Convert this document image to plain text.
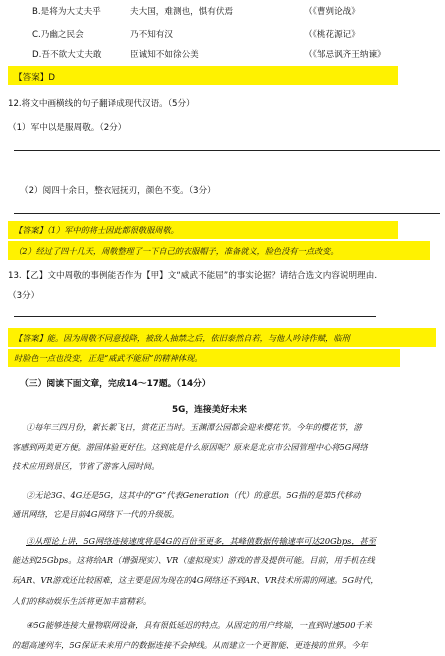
B.是将为大丈夫乎	夫大国，难测也，惧有伏焉	（《曹刿论战》
C.乃幽之民会	乃不知有汉	（《桃花源记》
D.吾不欲大丈夫敢	臣诚知不如徐公美	（《邹忌讽齐王纳谏》
【答案】D
12.将文中画横线的句子翻译成现代汉语。（5分）
（1）军中以是服周敬。（2分）
（2）阅四十余日，整衣冠抚刃，颜色不变。（3分）
【答案】（1）军中的将士因此都很敬服周敬。
（2）经过了四十几天，周敬整理了一下自己的衣服帽子，准备就义，脸色没有一点改变。
13.【乙】文中周敬的事例能否作为【甲】文“威武不能屈”的事实论据？请结合选文内容说明理由.
（3分）
【答案】能。因为周敬不同意投降，被敌人抽禁之后，依旧泰然自若，与他人吟诗作赋，临刑
时脸色一点也没变，正是“威武不能屈”的精神体现。
（三）阅读下面文章，完成14～17题。（14分）
5G，连接美好未来
①每年三四月份，絮长絮飞日，赏花正当时。玉渊潭公园都会迎来樱花节。今年的樱花节，游
客感到两美更方便。游园体验更好住。这到底是什么原因呢？原来是北京市公园管理中心将5G网络
技术应用到景区，节省了游客入园时间。
②无论3G、4G还是5G，这其中的“G”代表Generation（代）的意思。5G指的是第5代移动
通讯网络，它是目前4G网络下一代的升级版。
③从理论上讲，5G网络连接速度将是4G的百倍至更多，其峰值数据传输速率可达20Gbps，甚至
能达到25Gbps。这将给AR（增强现实）、VR（虚拟现实）游戏的普及提供可能。目前，用手机在线
玩AR、VR游戏还比较困难，这主要是因为现在的4G网络还不到AR、VR技术所需的网速。5G时代，
人们的移动娱乐生活将更加丰富精彩。
④5G能够连接大量物联网设备，具有很低延迟的特点。从固定的用户终端，一直到时速500千米
的超高速列车，5G保证未来用户的数据连接不会掉线。从而建立一个更智能、更连接的世界。今年
